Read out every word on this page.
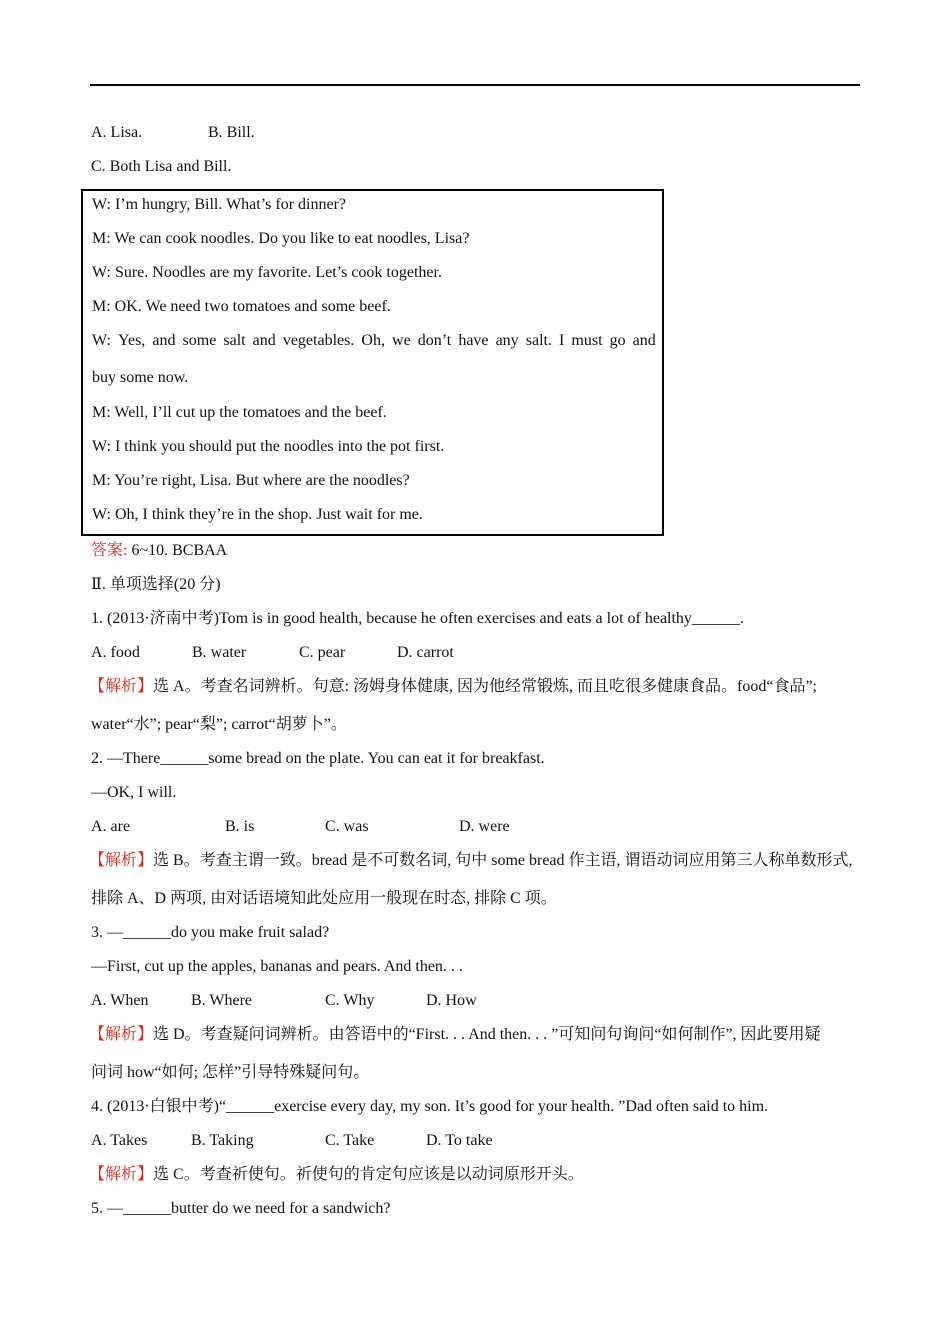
A. Lisa.	B. Bill.
C. Both Lisa and Bill.
W: I’m hungry, Bill. What’s for dinner?
M: We can cook noodles. Do you like to eat noodles, Lisa?
W: Sure. Noodles are my favorite. Let’s cook together.
M: OK. We need two tomatoes and some beef.
W: Yes, and some salt and vegetables. Oh, we don’t have any salt. I must go and
buy some now.
M: Well, I’ll cut up the tomatoes and the beef.
W: I think you should put the noodles into the pot first.
M: You’re right, Lisa. But where are the noodles?
W: Oh, I think they’re in the shop. Just wait for me.
答案: 6~10. BCBAA
Ⅱ. 单项选择(20 分)
1. (2013·济南中考)Tom is in good health, because he often exercises and eats a lot of healthy______.
A. food	B. water	C. pear	D. carrot
【解析】选 A。考查名词辨析。句意: 汤姆身体健康, 因为他经常锻炼, 而且吃很多健康食品。food“食品”;
water“水”; pear“梨”; carrot“胡萝卜”。
2. —There______some bread on the plate. You can eat it for breakfast.
—OK, I will.
A. are	B. is	C. was	D. were
【解析】选 B。考查主谓一致。bread 是不可数名词, 句中 some bread 作主语, 谓语动词应用第三人称单数形式,
排除 A、D 两项, 由对话语境知此处应用一般现在时态, 排除 C 项。
3. —______do you make fruit salad?
—First, cut up the apples, bananas and pears. And then. . .
A. When	B. Where	C. Why	D. How
【解析】选 D。考查疑问词辨析。由答语中的“First. . . And then. . . ”可知问句询问“如何制作”, 因此要用疑
问词 how“如何; 怎样”引导特殊疑问句。
4. (2013·白银中考)“______exercise every day, my son. It’s good for your health. ”Dad often said to him.
A. Takes	B. Taking	C. Take	D. To take
【解析】选 C。考查祈使句。祈使句的肯定句应该是以动词原形开头。
5. —______butter do we need for a sandwich?
